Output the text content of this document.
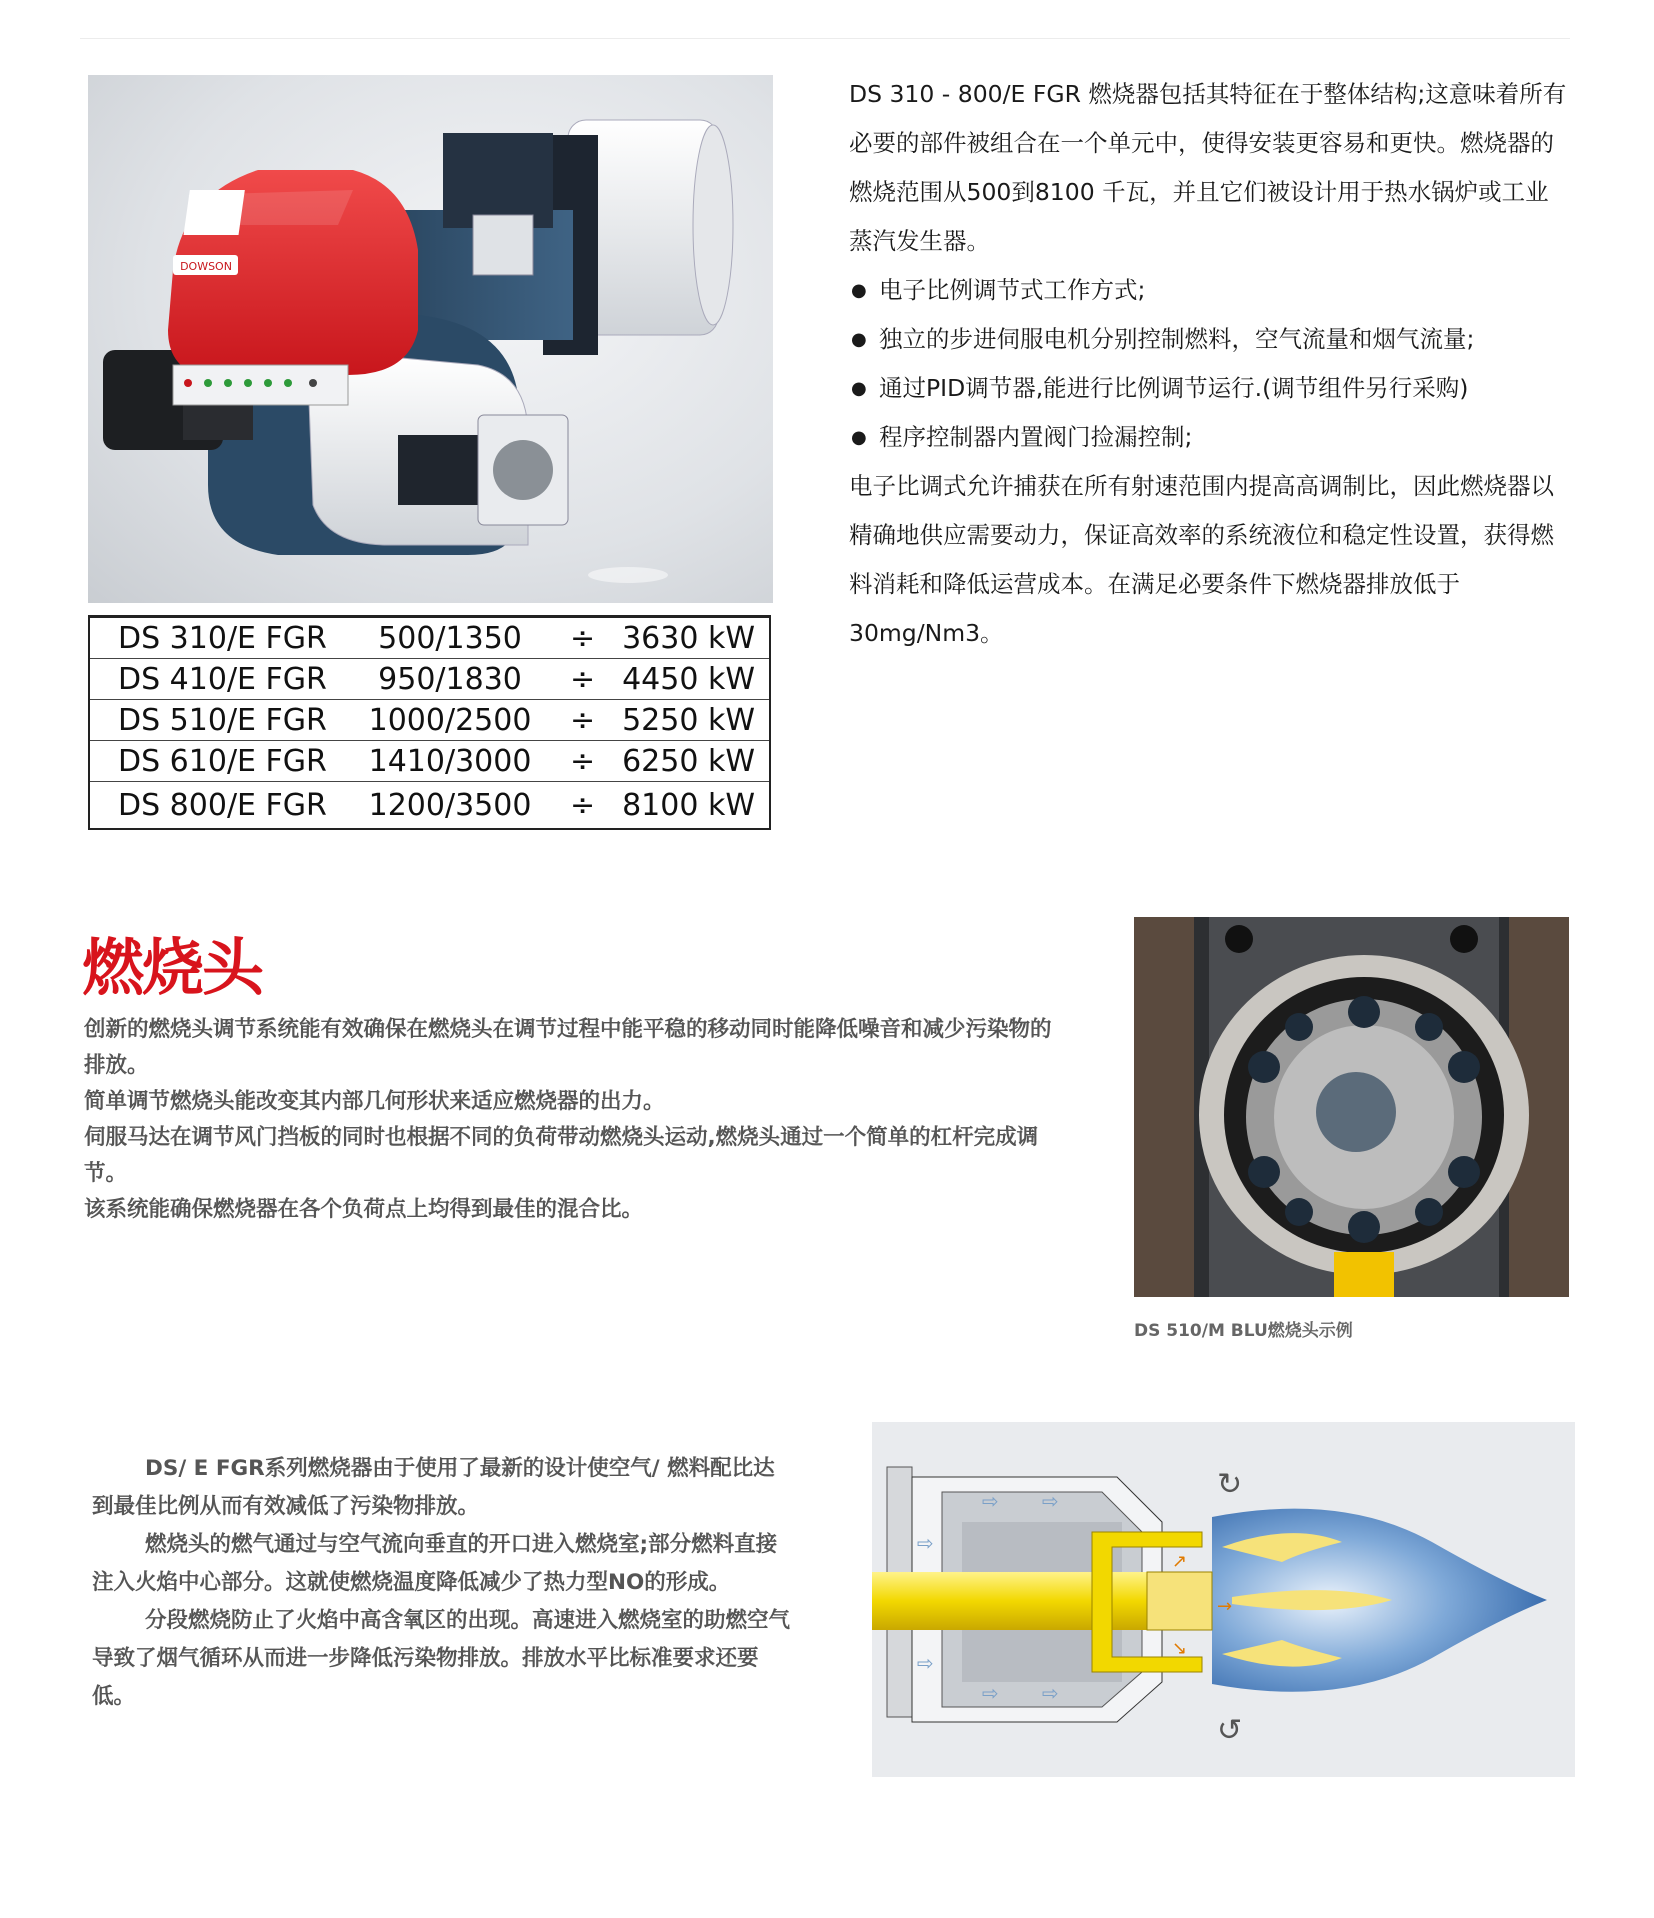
DOWSON
DS 310/E FGR	500/1350	÷	3630 kW
DS 410/E FGR	950/1830	÷	4450 kW
DS 510/E FGR	1000/2500	÷	5250 kW
DS 610/E FGR	1410/3000	÷	6250 kW
DS 800/E FGR	1200/3500	÷	8100 kW

DS 310 - 800/E FGR 燃烧器包括其特征在于整体结构;这意味着所有必要的部件被组合在一个单元中，使得安装更容易和更快。燃烧器的燃烧范围从500到8100 千瓦，并且它们被设计用于热水锅炉或工业蒸汽发生器。

● 电子比例调节式工作方式;
● 独立的步进伺服电机分别控制燃料，空气流量和烟气流量;
● 通过PID调节器,能进行比例调节运行.(调节组件另行采购)
● 程序控制器内置阀门捡漏控制;

电子比调式允许捕获在所有射速范围内提高高调制比，因此燃烧器以精确地供应需要动力，保证高效率的系统液位和稳定性设置，获得燃料消耗和降低运营成本。在满足必要条件下燃烧器排放低于30mg/Nm3。

燃烧头

创新的燃烧头调节系统能有效确保在燃烧头在调节过程中能平稳的移动同时能降低噪音和减少污染物的排放。

简单调节燃烧头能改变其内部几何形状来适应燃烧器的出力。

伺服马达在调节风门挡板的同时也根据不同的负荷带动燃烧头运动,燃烧头通过一个简单的杠杆完成调节。

该系统能确保燃烧器在各个负荷点上均得到最佳的混合比。

DS 510/M BLU燃烧头示例

DS/ E FGR系列燃烧器由于使用了最新的设计使空气/ 燃料配比达到最佳比例从而有效减低了污染物排放。

燃烧头的燃气通过与空气流向垂直的开口进入燃烧室;部分燃料直接注入火焰中心部分。这就使燃烧温度降低减少了热力型NO的形成。

分段燃烧防止了火焰中高含氧区的出现。高速进入燃烧室的助燃空气导致了烟气循环从而进一步降低污染物排放。排放水平比标准要求还要低。

⇨ ⇨
⇨ ⇨
⇨
⇨
↗
↘
→
↻
↺
